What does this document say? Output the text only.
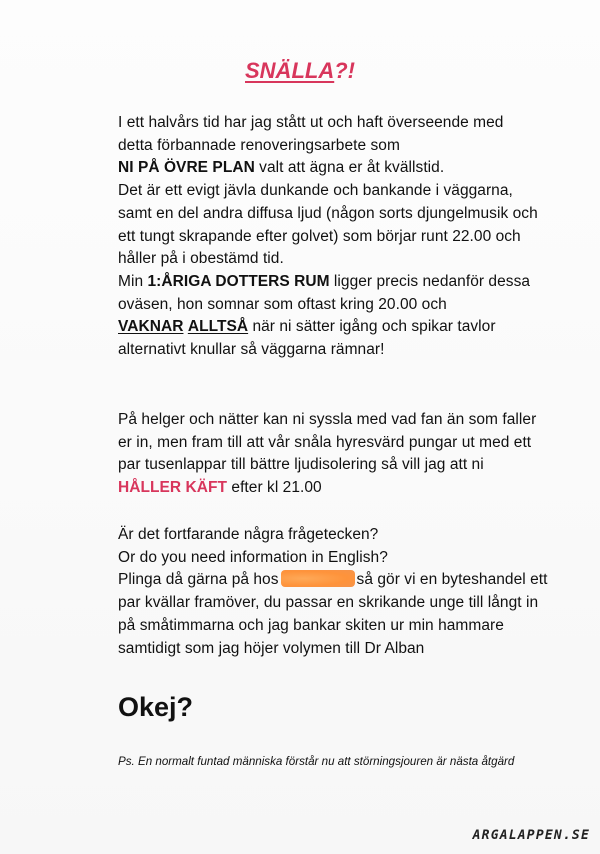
SNÄLLA?!

I ett halvårs tid har jag stått ut och haft överseende med
detta förbannade renoveringsarbete som
NI PÅ ÖVRE PLAN valt att ägna er åt kvällstid.
Det är ett evigt jävla dunkande och bankande i väggarna,
samt en del andra diffusa ljud (någon sorts djungelmusik och
ett tungt skrapande efter golvet) som börjar runt 22.00 och
håller på i obestämd tid.
Min 1:ÅRIGA DOTTERS RUM ligger precis nedanför dessa
oväsen, hon somnar som oftast kring 20.00 och
VAKNAR ALLTSÅ när ni sätter igång och spikar tavlor
alternativt knullar så väggarna rämnar!

På helger och nätter kan ni syssla med vad fan än som faller
er in, men fram till att vår snåla hyresvärd pungar ut med ett
par tusenlappar till bättre ljudisolering så vill jag att ni
HÅLLER KÄFT efter kl 21.00

Är det fortfarande några frågetecken?
Or do you need information in English?
Plinga då gärna på hos	så gör vi en byteshandel ett
par kvällar framöver, du passar en skrikande unge till långt in
på småtimmarna och jag bankar skiten ur min hammare
samtidigt som jag höjer volymen till Dr Alban

Okej?
Ps. En normalt funtad människa förstår nu att störningsjouren är nästa åtgärd
ARGALAPPEN.SE
